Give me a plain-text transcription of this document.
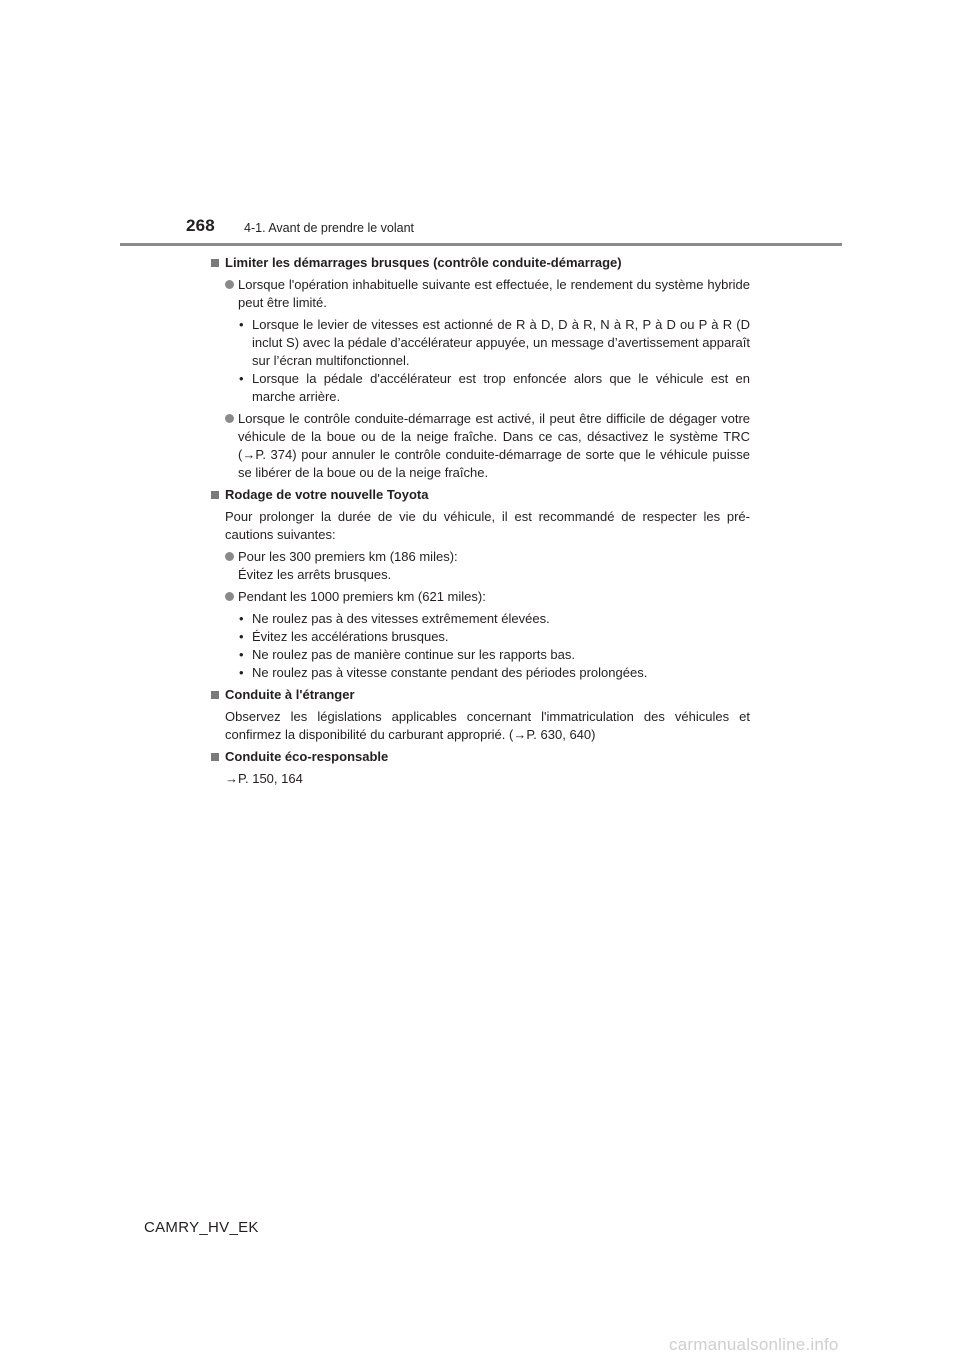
268 4-1. Avant de prendre le volant
Limiter les démarrages brusques (contrôle conduite-démarrage)
Lorsque l'opération inhabituelle suivante est effectuée, le rendement du système hybride peut être limité.
• Lorsque le levier de vitesses est actionné de R à D, D à R, N à R, P à D ou P à R (D inclut S) avec la pédale d’accélérateur appuyée, un message d’avertissement apparaît sur l’écran multifonctionnel.
• Lorsque la pédale d'accélérateur est trop enfoncée alors que le véhicule est en marche arrière.
Lorsque le contrôle conduite-démarrage est activé, il peut être difficile de dégager votre véhicule de la boue ou de la neige fraîche. Dans ce cas, désactivez le système TRC (→P. 374) pour annuler le contrôle conduite-démarrage de sorte que le véhicule puisse se libérer de la boue ou de la neige fraîche.
Rodage de votre nouvelle Toyota
Pour prolonger la durée de vie du véhicule, il est recommandé de respecter les pré-cautions suivantes:
Pour les 300 premiers km (186 miles):
Évitez les arrêts brusques.
Pendant les 1000 premiers km (621 miles):
• Ne roulez pas à des vitesses extrêmement élevées.
• Évitez les accélérations brusques.
• Ne roulez pas de manière continue sur les rapports bas.
• Ne roulez pas à vitesse constante pendant des périodes prolongées.
Conduite à l'étranger
Observez les législations applicables concernant l'immatriculation des véhicules et confirmez la disponibilité du carburant approprié. (→P. 630, 640)
Conduite éco-responsable
→P. 150, 164
CAMRY_HV_EK
carmanualsonline.info
